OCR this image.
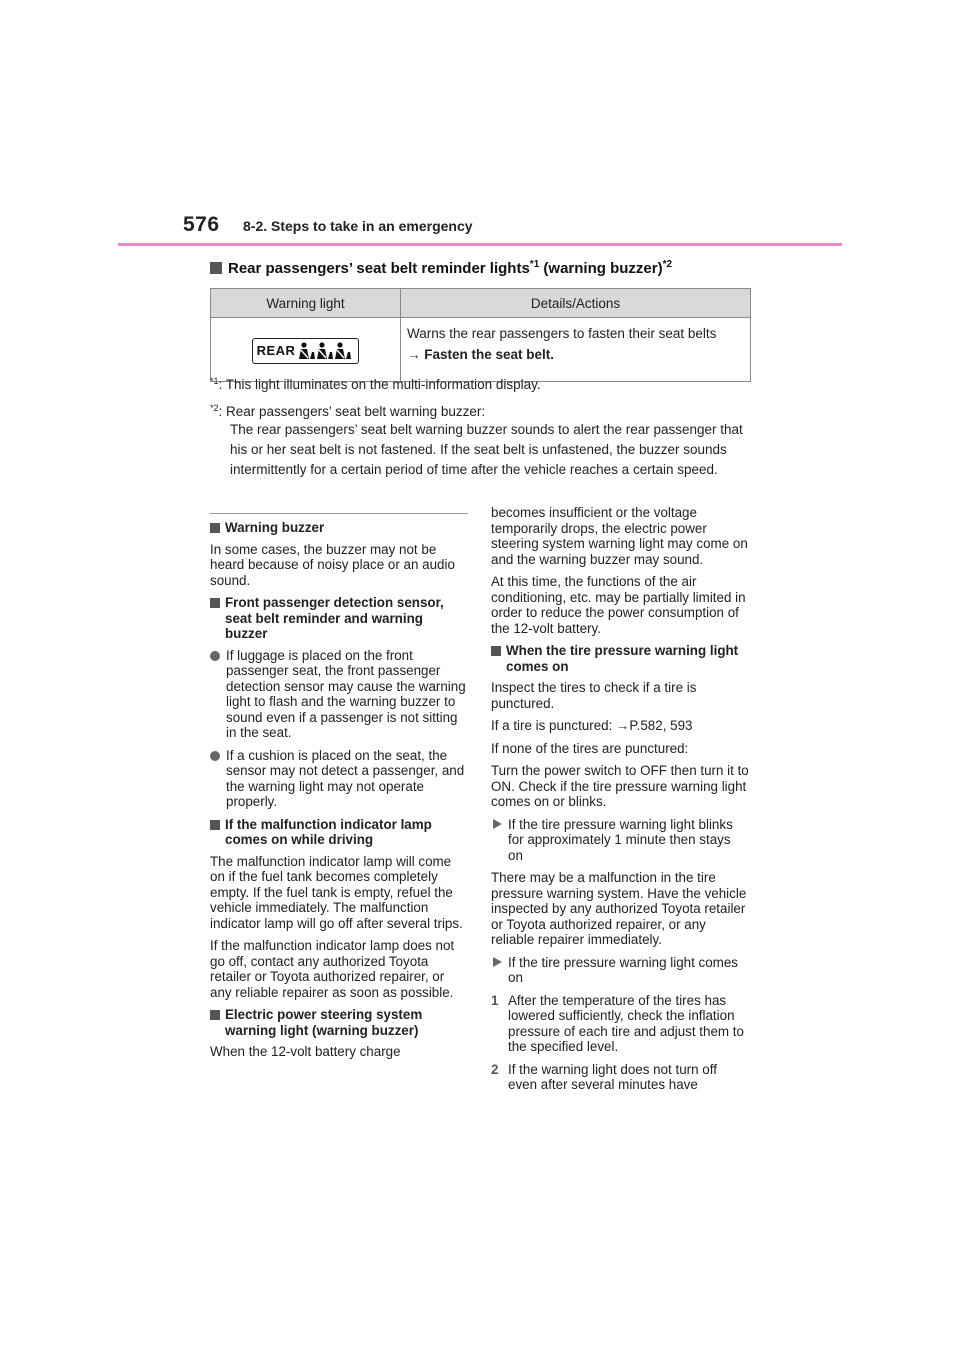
576 8-2. Steps to take in an emergency
Rear passengers’ seat belt reminder lights$^{*1}$ (warning buzzer)$^{*2}$
Warning light	Details/Actions

REAR	Warns the rear passengers to fasten their seat belts
→ Fasten the seat belt.
$^{*1}$: This light illuminates on the multi-information display.
$^{*2}$: Rear passengers’ seat belt warning buzzer:
The rear passengers’ seat belt warning buzzer sounds to alert the rear passenger that his or her seat belt is not fastened. If the seat belt is unfastened, the buzzer sounds intermittently for a certain period of time after the vehicle reaches a certain speed.
Warning buzzer

In some cases, the buzzer may not be heard because of noisy place or an audio sound.

Front passenger detection sensor, seat belt reminder and warning buzzer
If luggage is placed on the front passenger seat, the front passenger detection sensor may cause the warning light to flash and the warning buzzer to sound even if a passenger is not sitting in the seat.
If a cushion is placed on the seat, the sensor may not detect a passenger, and the warning light may not operate properly.
If the malfunction indicator lamp comes on while driving

The malfunction indicator lamp will come on if the fuel tank becomes completely empty. If the fuel tank is empty, refuel the vehicle immediately. The malfunction indicator lamp will go off after several trips.

If the malfunction indicator lamp does not go off, contact any authorized Toyota retailer or Toyota authorized repairer, or any reliable repairer as soon as possible.

Electric power steering system warning light (warning buzzer)

When the 12-volt battery charge

becomes insufficient or the voltage temporarily drops, the electric power steering system warning light may come on and the warning buzzer may sound.

At this time, the functions of the air conditioning, etc. may be partially limited in order to reduce the power consumption of the 12-volt battery.

When the tire pressure warning light comes on

Inspect the tires to check if a tire is punctured.

If a tire is punctured: →P.582, 593

If none of the tires are punctured:

Turn the power switch to OFF then turn it to ON. Check if the tire pressure warning light comes on or blinks.

If the tire pressure warning light blinks for approximately 1 minute then stays on

There may be a malfunction in the tire pressure warning system. Have the vehicle inspected by any authorized Toyota retailer or Toyota authorized repairer, or any reliable repairer immediately.

If the tire pressure warning light comes on
1 After the temperature of the tires has lowered sufficiently, check the inflation pressure of each tire and adjust them to the specified level.
2 If the warning light does not turn off even after several minutes have
